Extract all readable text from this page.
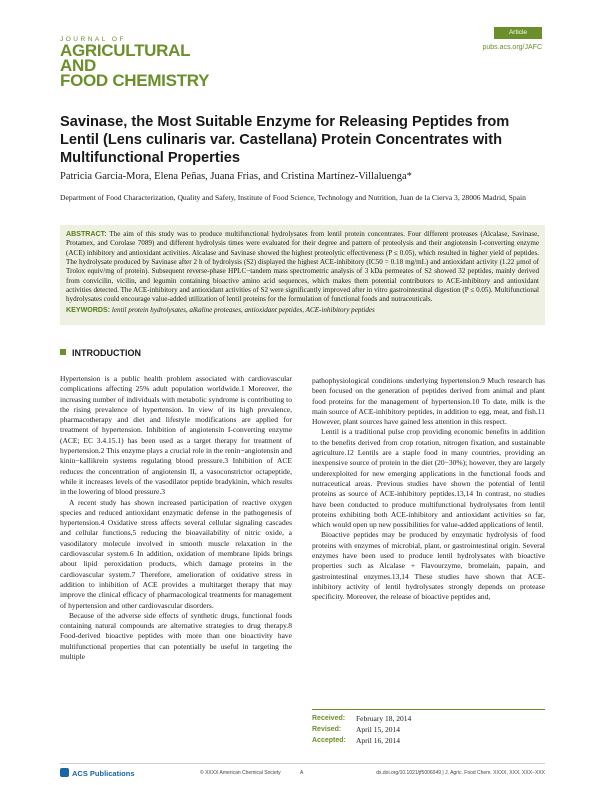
JOURNAL OF
AGRICULTURAL AND
FOOD CHEMISTRY
Article
pubs.acs.org/JAFC
Savinase, the Most Suitable Enzyme for Releasing Peptides from Lentil (Lens culinaris var. Castellana) Protein Concentrates with Multifunctional Properties
Patricia Garcia-Mora, Elena Peñas, Juana Frias, and Cristina Martínez-Villaluenga*
Department of Food Characterization, Quality and Safety, Institute of Food Science, Technology and Nutrition, Juan de la Cierva 3, 28006 Madrid, Spain
ABSTRACT: The aim of this study was to produce multifunctional hydrolysates from lentil protein concentrates. Four different proteases (Alcalase, Savinase, Protamex, and Corolase 7089) and different hydrolysis times were evaluated for their degree and pattern of proteolysis and their angiotensin I-converting enzyme (ACE) inhibitory and antioxidant activities. Alcalase and Savinase showed the highest proteolytic effectiveness (P ≤ 0.05), which resulted in higher yield of peptides. The hydrolysate produced by Savinase after 2 h of hydrolysis (S2) displayed the highest ACE-inhibitory (IC50 = 0.18 mg/mL) and antioxidant activity (1.22 μmol of Trolox equiv/mg of protein). Subsequent reverse-phase HPLC−tandem mass spectrometric analysis of 3 kDa permeates of S2 showed 32 peptides, mainly derived from convicilin, vicilin, and legumin containing bioactive amino acid sequences, which makes them potential contributors to ACE-inhibitory and antioxidant activities detected. The ACE-inhibitory and antioxidant activities of S2 were significantly improved after in vitro gastrointestinal digestion (P ≤ 0.05). Multifunctional hydrolysates could encourage value-added utilization of lentil proteins for the formulation of functional foods and nutraceuticals.
KEYWORDS: lentil protein hydrolysates, alkaline proteases, antioxidant peptides, ACE-inhibitory peptides
INTRODUCTION

Hypertension is a public health problem associated with cardiovascular complications affecting 25% adult population worldwide.1 Moreover, the increasing number of individuals with metabolic syndrome is contributing to the rising prevalence of hypertension. In view of its high prevalence, pharmacotherapy and diet and lifestyle modifications are applied for treatment of hypertension. Inhibition of angiotensin I-converting enzyme (ACE; EC 3.4.15.1) has been used as a target therapy for treatment of hypertension.2 This enzyme plays a crucial role in the renin−angiotensin and kinin−kallikrein systems regulating blood pressure.3 Inhibition of ACE reduces the concentration of angiotensin II, a vasoconstrictor octapeptide, while it increases levels of the vasodilator peptide bradykinin, which results in the lowering of blood pressure.3

A recent study has shown increased participation of reactive oxygen species and reduced antioxidant enzymatic defense in the pathogenesis of hypertension.4 Oxidative stress affects several cellular signaling cascades and cellular functions,5 reducing the bioavailability of nitric oxide, a vasodilatory molecule involved in smooth muscle relaxation in the cardiovascular system.6 In addition, oxidation of membrane lipids brings about lipid peroxidation products, which damage proteins in the cardiovascular system.7 Therefore, amelioration of oxidative stress in addition to inhibition of ACE provides a multitarget therapy that may improve the clinical efficacy of pharmacological treatments for management of hypertension and other cardiovascular disorders.

Because of the adverse side effects of synthetic drugs, functional foods containing natural compounds are alternative strategies to drug therapy.8 Food-derived bioactive peptides with more than one bioactivity have multifunctional properties that can potentially be useful in targeting the multiple

pathophysiological conditions underlying hypertension.9 Much research has been focused on the generation of peptides derived from animal and plant food proteins for the management of hypertension.10 To date, milk is the main source of ACE-inhibitory peptides, in addition to egg, meat, and fish.11 However, plant sources have gained less attention in this respect.

Lentil is a traditional pulse crop providing economic benefits in addition to the benefits derived from crop rotation, nitrogen fixation, and sustainable agriculture.12 Lentils are a staple food in many countries, providing an inexpensive source of protein in the diet (20−30%); however, they are largely underexploited for new emerging applications in the functional foods and nutraceutical areas. Previous studies have shown the potential of lentil proteins as source of ACE-inhibitory peptides.13,14 In contrast, no studies have been conducted to produce multifunctional hydrolysates from lentil proteins exhibiting both ACE-inhibitory and antioxidant activities so far, which would open up new possibilities for value-added applications of lentil.

Bioactive peptides may be produced by enzymatic hydrolysis of food proteins with enzymes of microbial, plant, or gastrointestinal origin. Several enzymes have been used to produce lentil hydrolysates with bioactive properties such as Alcalase + Flavourzyme, bromelain, papain, and gastrointestinal enzymes.13,14 These studies have shown that ACE-inhibitory activity of lentil hydrolysates strongly depends on protease specificity. Moreover, the release of bioactive peptides and,

Received:	February 18, 2014
Revised:	April 15, 2014
Accepted:	April 16, 2014
ACS Publications	© XXXX American Chemical Society	A	dx.doi.org/10.1021/jf5006049 | J. Agric. Food Chem. XXXX, XXX, XXX−XXX
